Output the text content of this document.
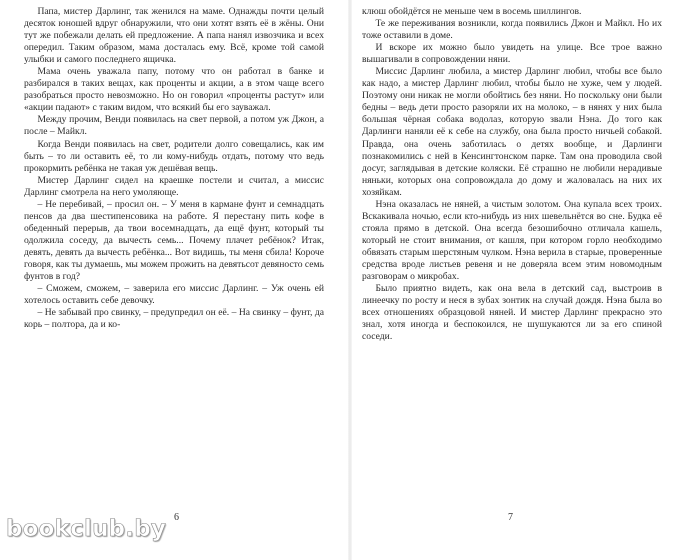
Папа, мистер Дарлинг, так женился на маме. Однажды почти целый десяток юношей вдруг обнаружили, что они хотят взять её в жёны. Они тут же побежали делать ей предложение. А папа нанял извозчика и всех опередил. Таким образом, мама досталась ему. Всё, кроме той самой улыбки и самого последнего ящичка.

Мама очень уважала папу, потому что он работал в банке и разбирался в таких вещах, как проценты и акции, а в этом чаще всего разобраться просто невозможно. Но он говорил «проценты растут» или «акции падают» с таким видом, что всякий бы его зауважал.

Между прочим, Венди появилась на свет первой, а потом уж Джон, а после – Майкл.

Когда Венди появилась на свет, родители долго совещались, как им быть – то ли оставить её, то ли кому-нибудь отдать, потому что ведь прокормить ребёнка не такая уж дешёвая вещь.

Мистер Дарлинг сидел на краешке постели и считал, а миссис Дарлинг смотрела на него умоляюще.

– Не перебивай, – просил он. – У меня в кармане фунт и семнадцать пенсов да два шестипенсовика на работе. Я перестану пить кофе в обеденный перерыв, да твои восемнадцать, да ещё фунт, который ты одолжила соседу, да вычесть семь... Почему плачет ребёнок? Итак, девять, девять да вычесть ребёнка... Вот видишь, ты меня сбила! Короче говоря, как ты думаешь, мы можем прожить на девятьсот девяносто семь фунтов в год?

– Сможем, сможем, – заверила его миссис Дарлинг. – Уж очень ей хотелось оставить себе девочку.

– Не забывай про свинку, – предупредил он её. – На свинку – фунт, да корь – полтора, да и ко-

клюш обойдётся не меньше чем в восемь шиллингов.

Те же переживания возникли, когда появились Джон и Майкл. Но их тоже оставили в доме.

И вскоре их можно было увидеть на улице. Все трое важно вышагивали в сопровождении няни.

Миссис Дарлинг любила, а мистер Дарлинг любил, чтобы все было как надо, а мистер Дарлинг любил, чтобы было не хуже, чем у людей. Поэтому они никак не могли обойтись без няни. Но поскольку они были бедны – ведь дети просто разоряли их на молоко, – в нянях у них была большая чёрная собака водолаз, которую звали Нэна. До того как Дарлинги наняли её к себе на службу, она была просто ничьей собакой. Правда, она очень заботилась о детях вообще, и Дарлинги познакомились с ней в Кенсингтонском парке. Там она проводила свой досуг, заглядывая в детские коляски. Её страшно не любили нерадивые няньки, которых она сопровождала до дому и жаловалась на них их хозяйкам.

Нэна оказалась не няней, а чистым золотом. Она купала всех троих. Вскакивала ночью, если кто-нибудь из них шевельнётся во сне. Будка её стояла прямо в детской. Она всегда безошибочно отличала кашель, который не стоит внимания, от кашля, при котором горло необходимо обвязать старым шерстяным чулком. Нэна верила в старые, проверенные средства вроде листьев ревеня и не доверяла всем этим новомодным разговорам о микробах.

Было приятно видеть, как она вела в детский сад, выстроив в линеечку по росту и неся в зубах зонтик на случай дождя. Нэна была во всех отношениях образцовой няней. И мистер Дарлинг прекрасно это знал, хотя иногда и беспокоился, не шушукаются ли за его спиной соседи.

6	7
bookclub.by
